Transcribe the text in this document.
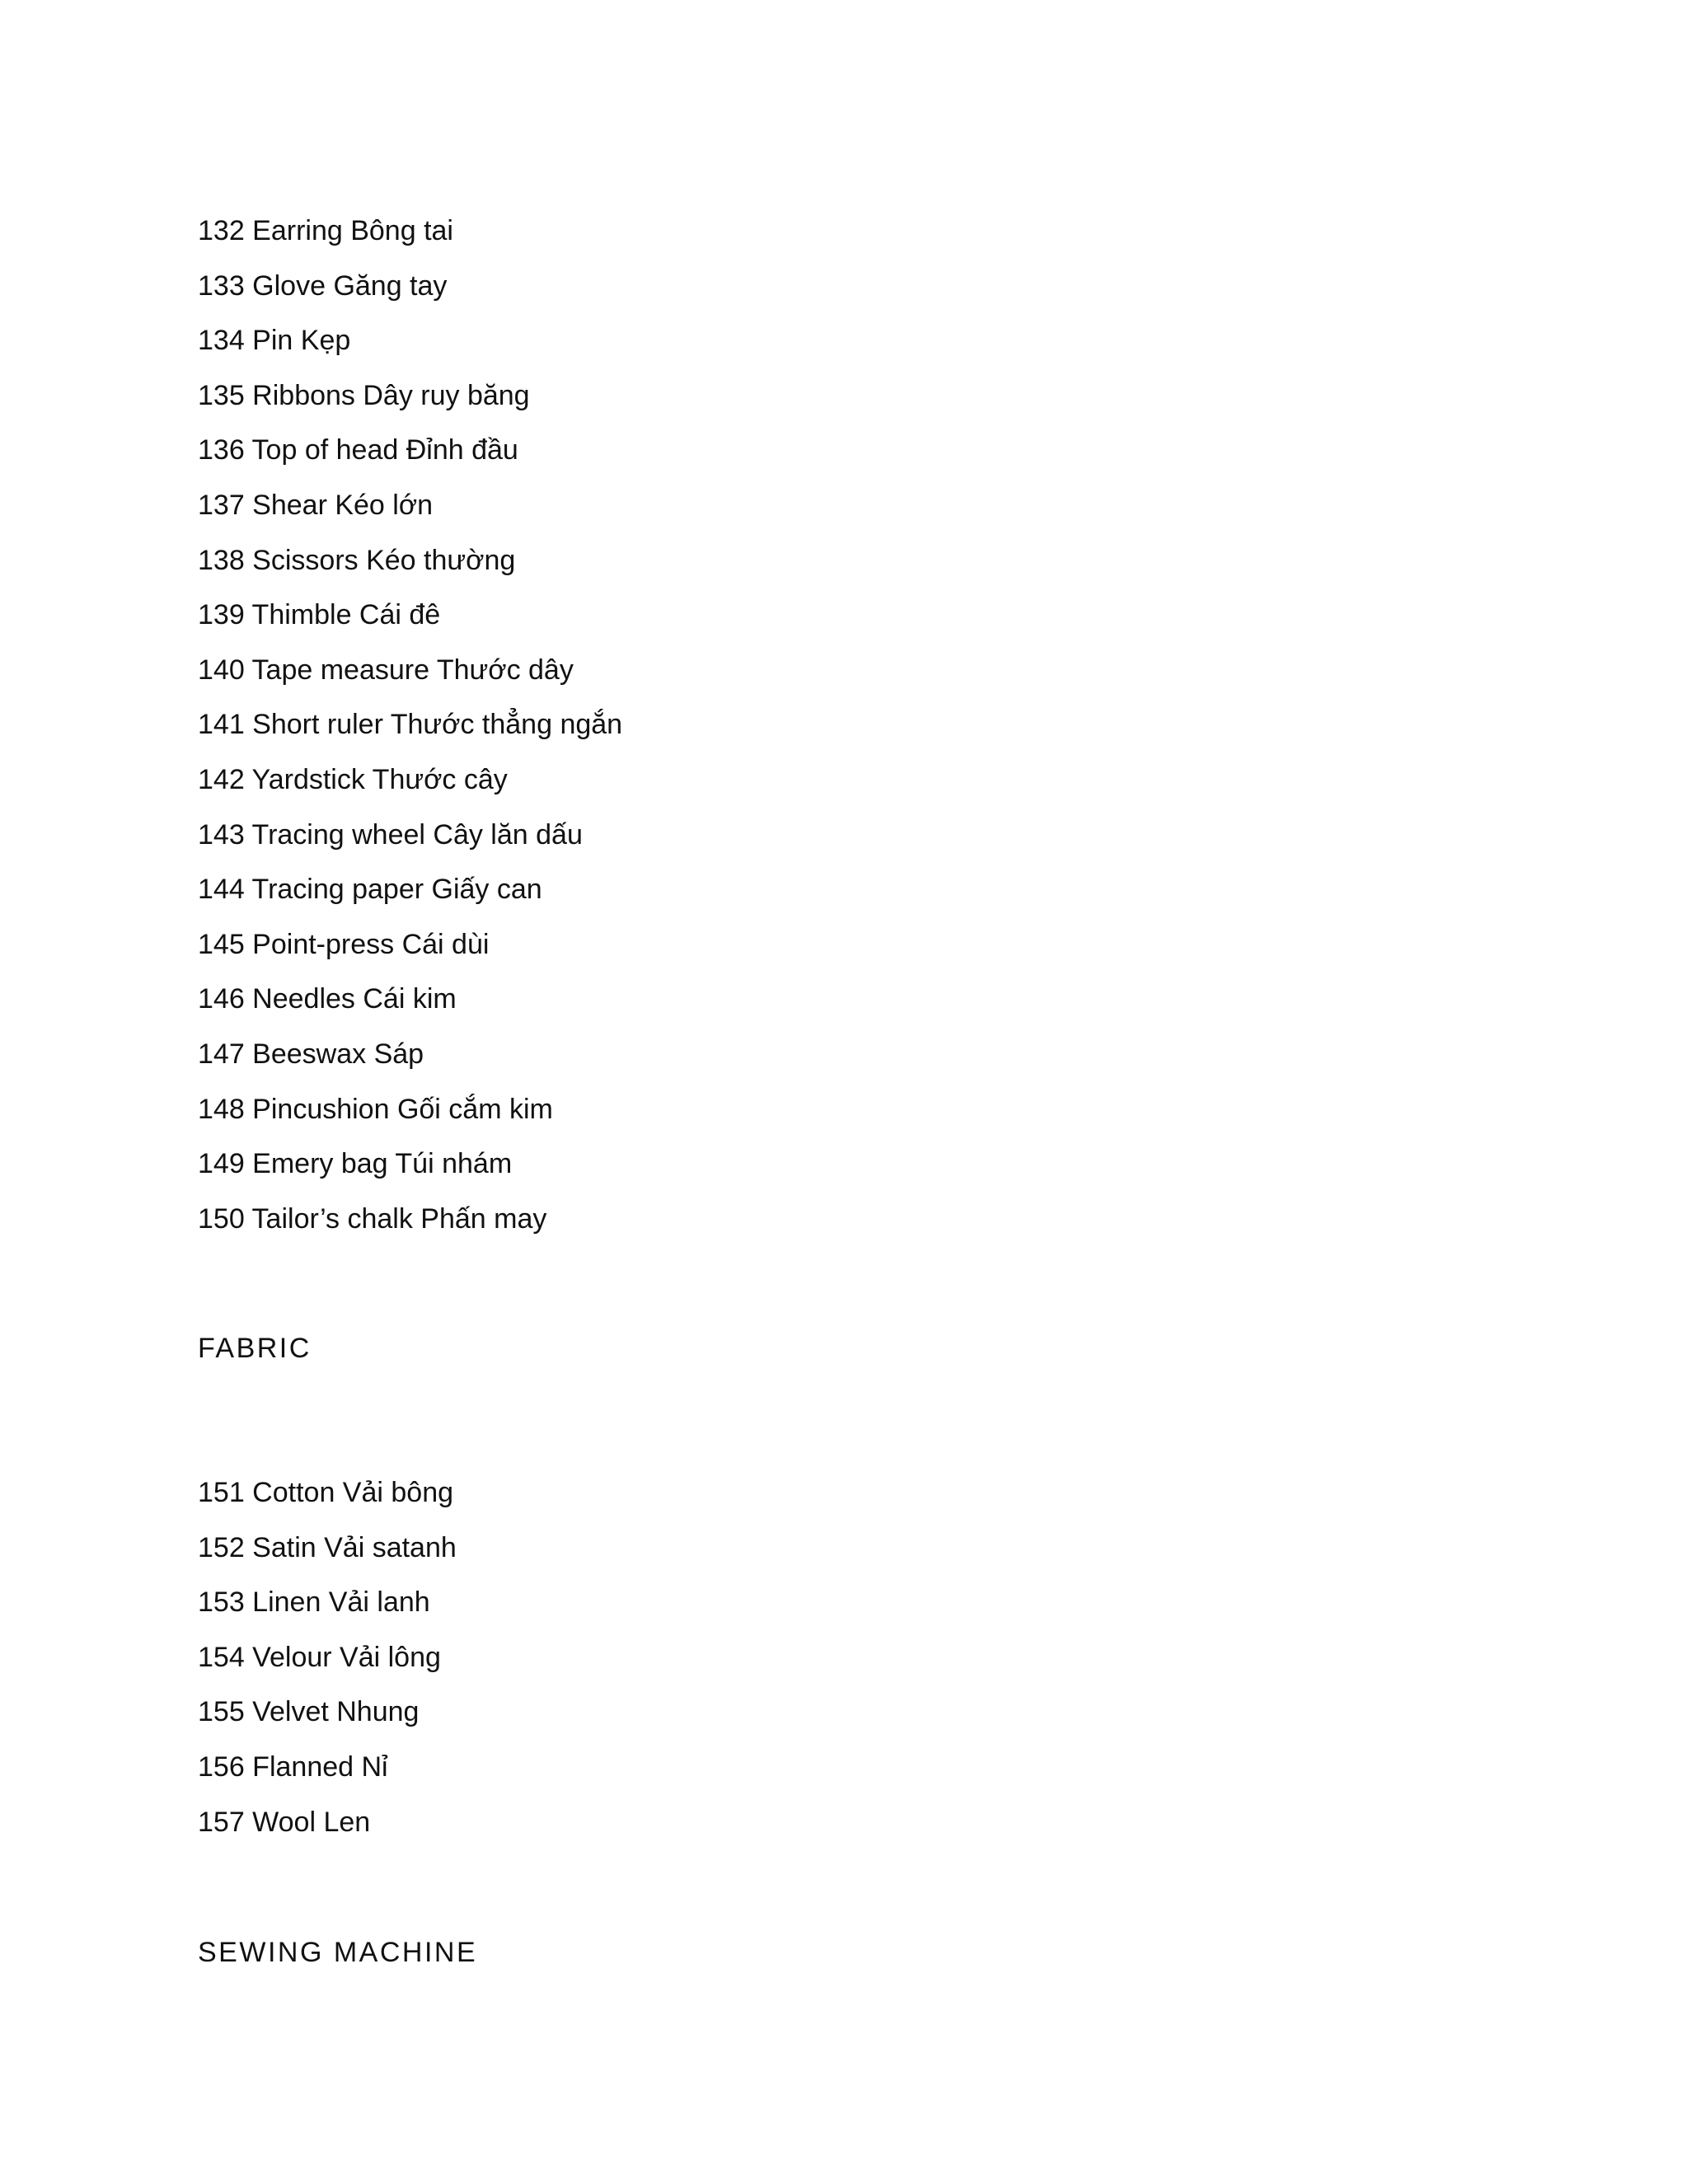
132 Earring Bông tai
133 Glove Găng tay
134 Pin Kẹp
135 Ribbons Dây ruy băng
136 Top of head Đỉnh đầu
137 Shear Kéo lớn
138 Scissors Kéo thường
139 Thimble Cái đê
140 Tape measure Thước dây
141 Short ruler Thước thẳng ngắn
142 Yardstick Thước cây
143 Tracing wheel Cây lăn dấu
144 Tracing paper Giấy can
145 Point-press Cái dùi
146 Needles Cái kim
147 Beeswax Sáp
148 Pincushion Gối cắm kim
149 Emery bag Túi nhám
150 Tailor’s chalk Phấn may
FABRIC
151 Cotton Vải bông
152 Satin Vải satanh
153 Linen Vải lanh
154 Velour Vải lông
155 Velvet Nhung
156 Flanned Nỉ
157 Wool Len
SEWING MACHINE
